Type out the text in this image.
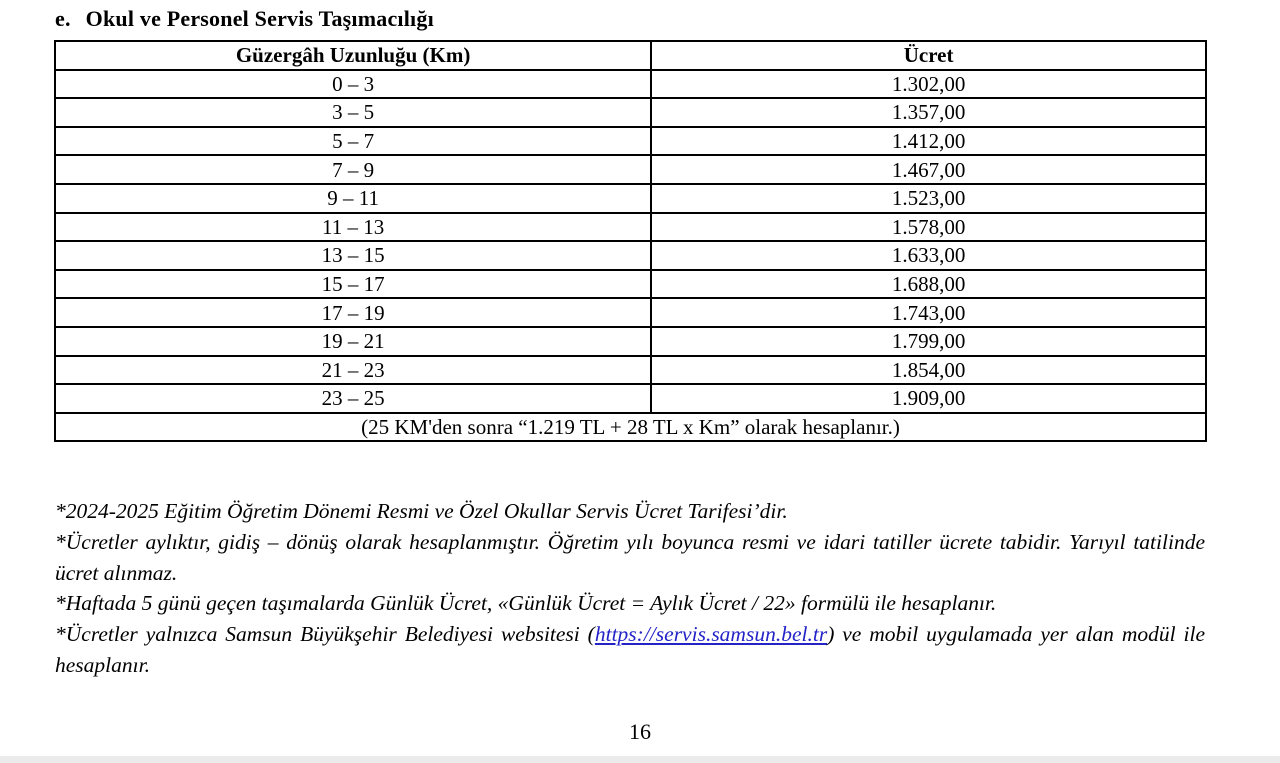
e. Okul ve Personel Servis Taşımacılığı
Güzergâh Uzunluğu (Km)	Ücret
0 – 3	1.302,00
3 – 5	1.357,00
5 – 7	1.412,00
7 – 9	1.467,00
9 – 11	1.523,00
11 – 13	1.578,00
13 – 15	1.633,00
15 – 17	1.688,00
17 – 19	1.743,00
19 – 21	1.799,00
21 – 23	1.854,00
23 – 25	1.909,00
(25 KM'den sonra “1.219 TL + 28 TL x Km” olarak hesaplanır.)	

*2024-2025 Eğitim Öğretim Dönemi Resmi ve Özel Okullar Servis Ücret Tarifesi’dir.

*Ücretler aylıktır, gidiş – dönüş olarak hesaplanmıştır. Öğretim yılı boyunca resmi ve idari tatiller ücrete tabidir. Yarıyıl tatilinde ücret alınmaz.

*Haftada 5 günü geçen taşımalarda Günlük Ücret, «Günlük Ücret = Aylık Ücret / 22» formülü ile hesaplanır.

*Ücretler yalnızca Samsun Büyükşehir Belediyesi websitesi (https://servis.samsun.bel.tr) ve mobil uygulamada yer alan modül ile hesaplanır.

16
